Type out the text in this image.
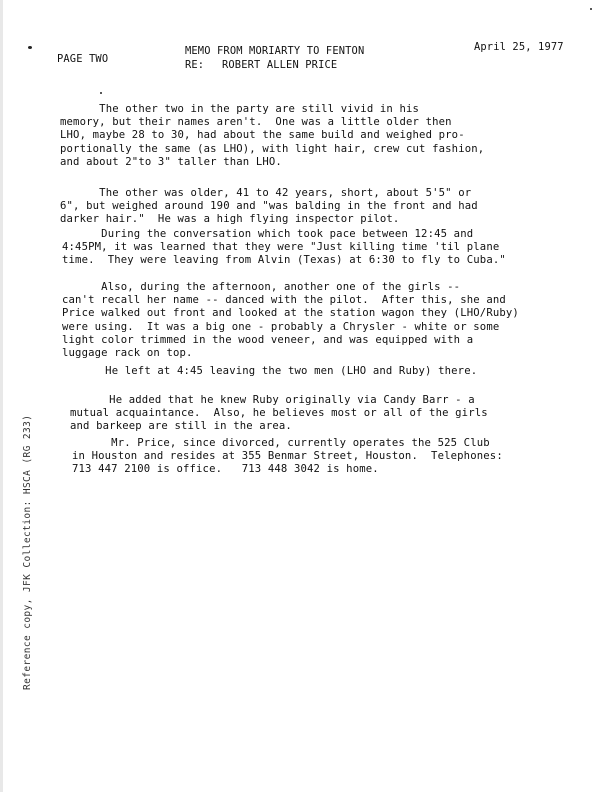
PAGE TWO
MEMO FROM MORIARTY TO FENTON
RE: ROBERT ALLEN PRICE
April 25, 1977
The other two in the party are still vivid in his
memory, but their names aren't.  One was a little older then
LHO, maybe 28 to 30, had about the same build and weighed pro-
portionally the same (as LHO), with light hair, crew cut fashion,
and about 2"to 3" taller than LHO.
The other was older, 41 to 42 years, short, about 5'5" or
6", but weighed around 190 and "was balding in the front and had
darker hair."  He was a high flying inspector pilot.
During the conversation which took pace between 12:45 and
4:45PM, it was learned that they were "Just killing time 'til plane
time.  They were leaving from Alvin (Texas) at 6:30 to fly to Cuba."
Also, during the afternoon, another one of the girls --
can't recall her name -- danced with the pilot.  After this, she and
Price walked out front and looked at the station wagon they (LHO/Ruby)
were using.  It was a big one - probably a Chrysler - white or some
light color trimmed in the wood veneer, and was equipped with a
luggage rack on top.
He left at 4:45 leaving the two men (LHO and Ruby) there.
He added that he knew Ruby originally via Candy Barr - a
mutual acquaintance.  Also, he believes most or all of the girls
and barkeep are still in the area.
Mr. Price, since divorced, currently operates the 525 Club
in Houston and resides at 355 Benmar Street, Houston.  Telephones:
713 447 2100 is office.   713 448 3042 is home.
Reference copy, JFK Collection: HSCA (RG 233)
